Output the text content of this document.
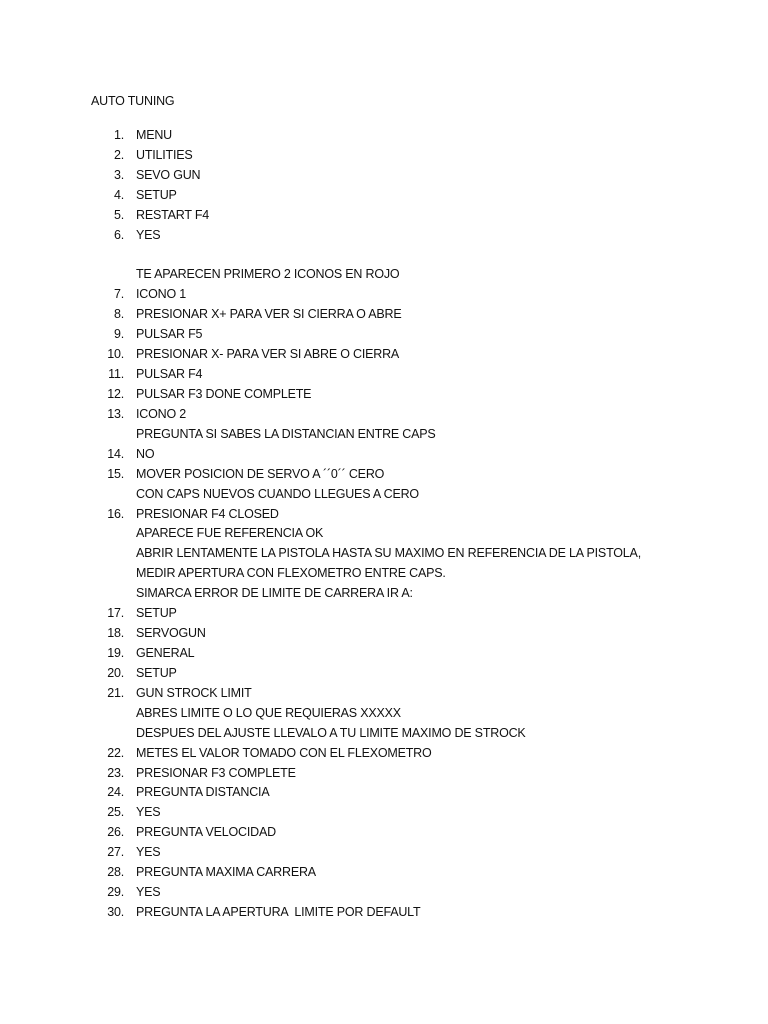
AUTO TUNING
1. MENU
2. UTILITIES
3. SEVO GUN
4. SETUP
5. RESTART F4
6. YES
TE APARECEN PRIMERO 2 ICONOS EN ROJO
7. ICONO 1
8. PRESIONAR X+ PARA VER SI CIERRA O ABRE
9. PULSAR F5
10. PRESIONAR X- PARA VER SI ABRE O CIERRA
11. PULSAR F4
12. PULSAR F3 DONE COMPLETE
13. ICONO 2
PREGUNTA SI SABES LA DISTANCIAN ENTRE CAPS
14. NO
15. MOVER POSICION DE SERVO A ´´0´´ CERO
CON CAPS NUEVOS CUANDO LLEGUES A CERO
16. PRESIONAR F4 CLOSED
APARECE FUE REFERENCIA OK
ABRIR LENTAMENTE LA PISTOLA HASTA SU MAXIMO EN REFERENCIA DE LA PISTOLA,
MEDIR APERTURA CON FLEXOMETRO ENTRE CAPS.
SIMARCA ERROR DE LIMITE DE CARRERA IR A:
17. SETUP
18. SERVOGUN
19. GENERAL
20. SETUP
21. GUN STROCK LIMIT
ABRES LIMITE O LO QUE REQUIERAS XXXXX
DESPUES DEL AJUSTE LLEVALO A TU LIMITE MAXIMO DE STROCK
22. METES EL VALOR TOMADO CON EL FLEXOMETRO
23. PRESIONAR F3 COMPLETE
24. PREGUNTA DISTANCIA
25. YES
26. PREGUNTA VELOCIDAD
27. YES
28. PREGUNTA MAXIMA CARRERA
29. YES
30. PREGUNTA LA APERTURA  LIMITE POR DEFAULT
